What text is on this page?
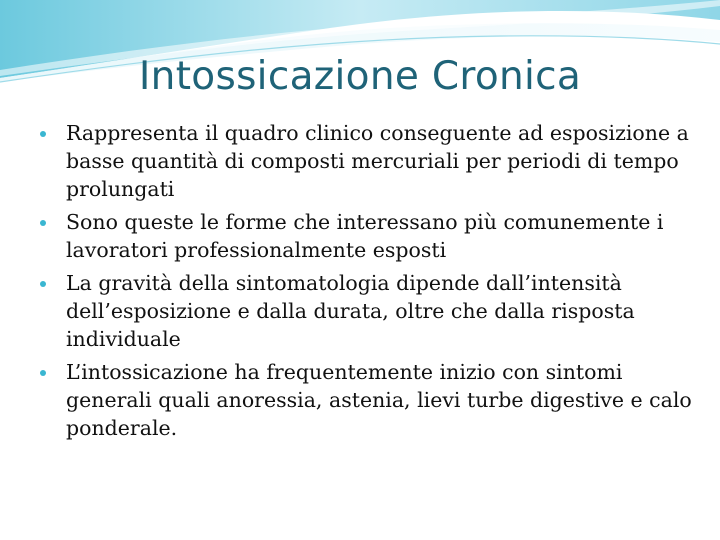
Intossicazione Cronica
Rappresenta il quadro clinico conseguente ad esposizione a basse quantità di composti mercuriali per periodi di tempo prolungati
Sono queste le forme che interessano più comunemente i lavoratori professionalmente esposti
La gravità della sintomatologia dipende dall’intensità dell’esposizione e dalla durata, oltre che dalla risposta individuale
L’intossicazione ha frequentemente inizio con sintomi generali quali anoressia, astenia, lievi turbe digestive e calo ponderale.
